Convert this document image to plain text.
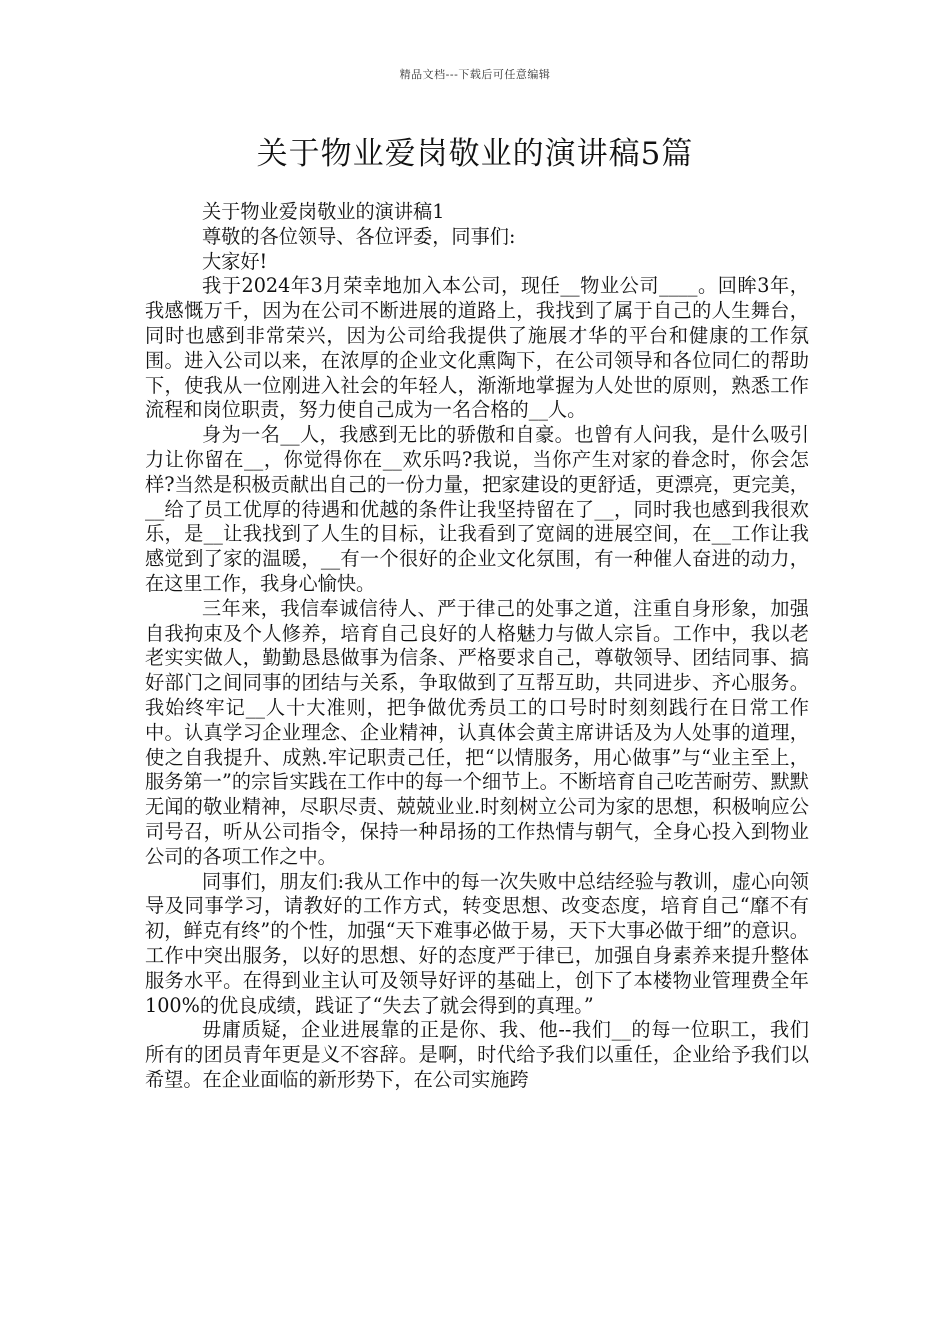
精品文档---下载后可任意编辑
关于物业爱岗敬业的演讲稿5篇

关于物业爱岗敬业的演讲稿1

尊敬的各位领导、各位评委，同事们:

大家好!

我于2024年3月荣幸地加入本公司，现任__物业公司____。回眸3年，我感慨万千，因为在公司不断进展的道路上，我找到了属于自己的人生舞台，同时也感到非常荣兴，因为公司给我提供了施展才华的平台和健康的工作氛围。进入公司以来，在浓厚的企业文化熏陶下，在公司领导和各位同仁的帮助下，使我从一位刚进入社会的年轻人，渐渐地掌握为人处世的原则，熟悉工作流程和岗位职责，努力使自己成为一名合格的__人。

身为一名__人，我感到无比的骄傲和自豪。也曾有人问我，是什么吸引力让你留在__，你觉得你在__欢乐吗?我说，当你产生对家的眷念时，你会怎样?当然是积极贡献出自己的一份力量，把家建设的更舒适，更漂亮，更完美，__给了员工优厚的待遇和优越的条件让我坚持留在了__，同时我也感到我很欢乐，是__让我找到了人生的目标，让我看到了宽阔的进展空间，在__工作让我感觉到了家的温暖，__有一个很好的企业文化氛围，有一种催人奋进的动力，在这里工作，我身心愉快。

三年来，我信奉诚信待人、严于律己的处事之道，注重自身形象，加强自我拘束及个人修养，培育自己良好的人格魅力与做人宗旨。工作中，我以老老实实做人，勤勤恳恳做事为信条、严格要求自己，尊敬领导、团结同事、搞好部门之间同事的团结与关系，争取做到了互帮互助，共同进步、齐心服务。我始终牢记__人十大准则，把争做优秀员工的口号时时刻刻践行在日常工作中。认真学习企业理念、企业精神，认真体会黄主席讲话及为人处事的道理，使之自我提升、成熟.牢记职责己任，把“以情服务，用心做事”与“业主至上，服务第一”的宗旨实践在工作中的每一个细节上。不断培育自己吃苦耐劳、默默无闻的敬业精神，尽职尽责、兢兢业业.时刻树立公司为家的思想，积极响应公司号召，听从公司指令，保持一种昂扬的工作热情与朝气，全身心投入到物业公司的各项工作之中。

同事们，朋友们:我从工作中的每一次失败中总结经验与教训，虚心向领导及同事学习，请教好的工作方式，转变思想、改变态度，培育自己“靡不有初，鲜克有终”的个性，加强“天下难事必做于易，天下大事必做于细”的意识。工作中突出服务，以好的思想、好的态度严于律已，加强自身素养来提升整体服务水平。在得到业主认可及领导好评的基础上，创下了本楼物业管理费全年100%的优良成绩，践证了“失去了就会得到的真理。”

毋庸质疑，企业进展靠的正是你、我、他--我们__的每一位职工，我们所有的团员青年更是义不容辞。是啊，时代给予我们以重任，企业给予我们以希望。在企业面临的新形势下，在公司实施跨
